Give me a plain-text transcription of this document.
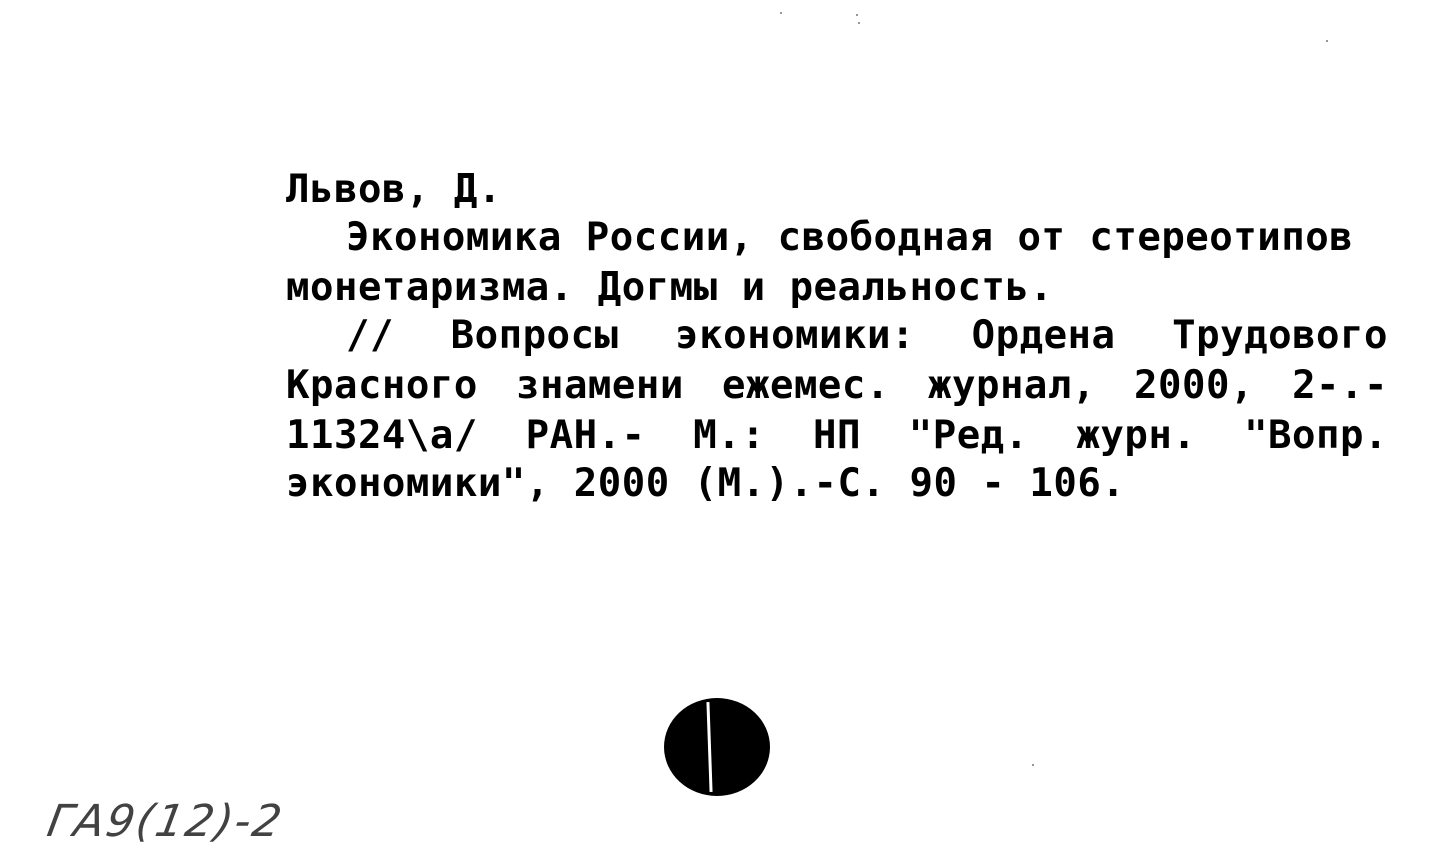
Львов, Д.
Экономика России, свободная от стереотипов
монетаризма. Догмы и реальность.
// Вопросы экономики: Ордена Трудового
Красного знамени ежемес. журнал, 2000, 2-.-
11324\a/ РАН.- М.: НП "Ред. журн. "Вопр.
экономики", 2000 (М.).-С. 90 - 106.
ГА9(12)-2
